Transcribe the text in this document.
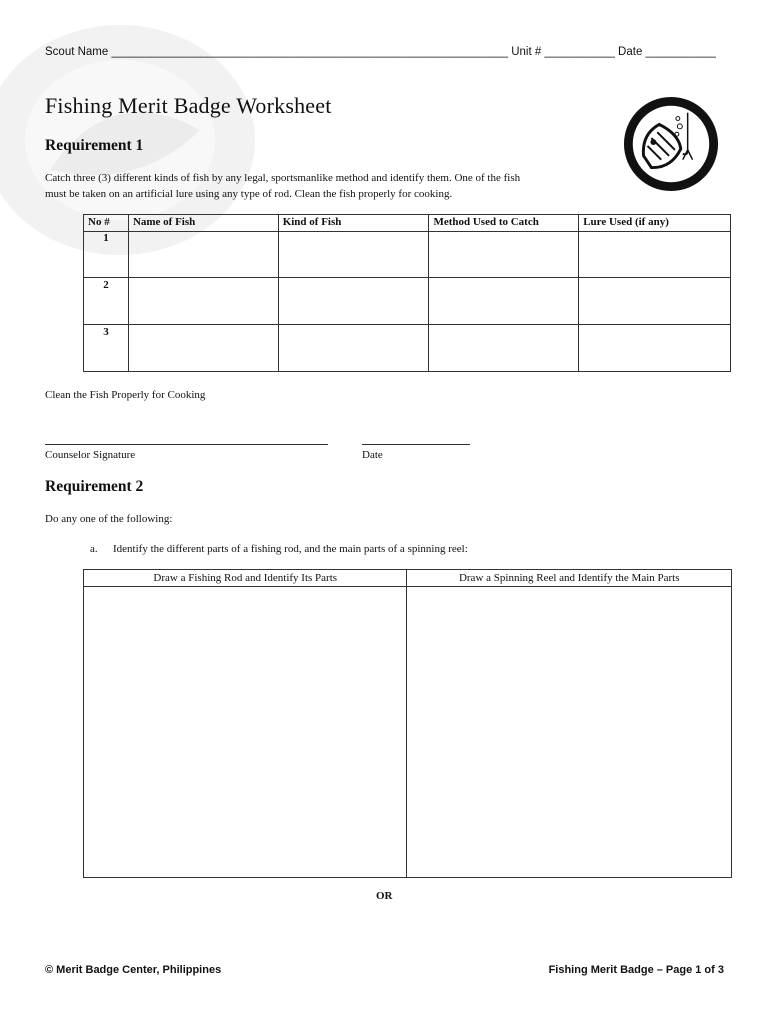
Scout Name ______________________________________________________________ Unit # ___________ Date ___________
Fishing Merit Badge Worksheet
Requirement 1
Catch three (3) different kinds of fish by any legal, sportsmanlike method and identify them. One of the fish
must be taken on an artificial lure using any type of rod. Clean the fish properly for cooking.
No #	Name of Fish	Kind of Fish	Method Used to Catch	Lure Used (if any)
1				
2				
3				
Clean the Fish Properly for Cooking
Counselor Signature	Date
Requirement 2
Do any one of the following:
a. Identify the different parts of a fishing rod, and the main parts of a spinning reel:
Draw a Fishing Rod and Identify Its Parts	Draw a Spinning Reel and Identify the Main Parts

OR
© Merit Badge Center, Philippines	Fishing Merit Badge – Page 1 of 3
